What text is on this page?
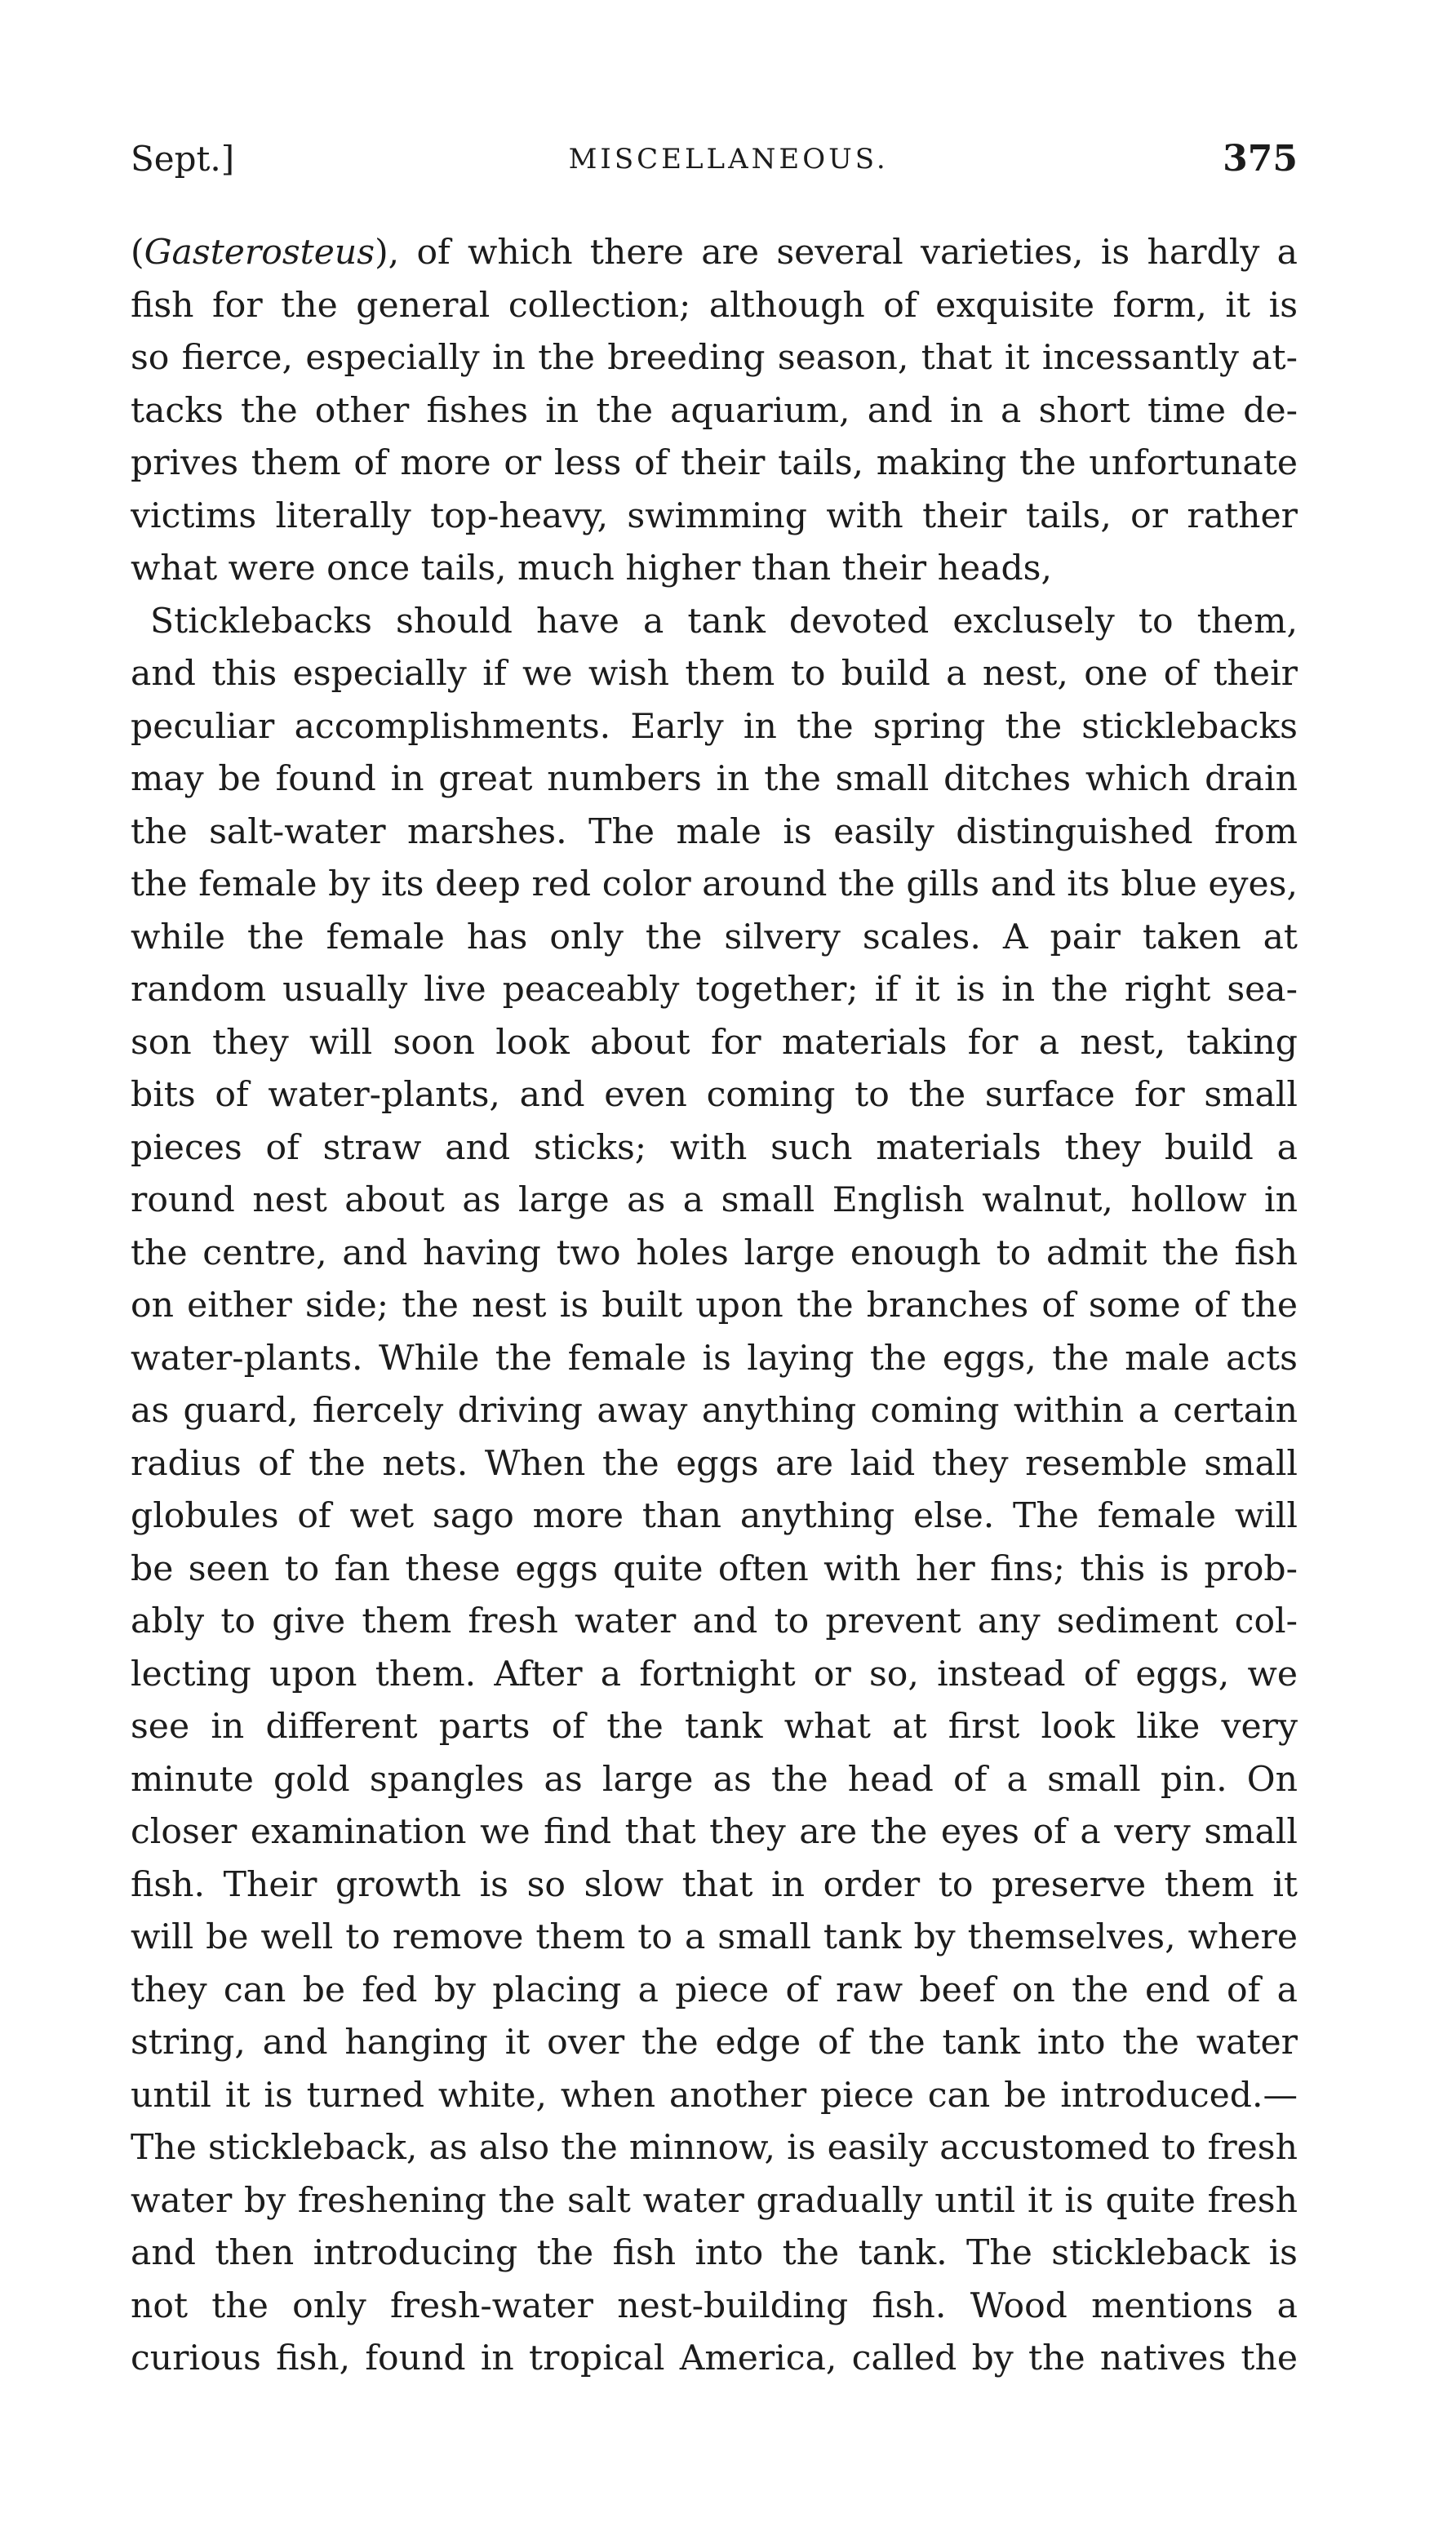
Sept.]	MISCELLANEOUS.	375
(Gasterosteus), of which there are several varieties, is hardly a
fish for the general collection; although of exquisite form, it is
so fierce, especially in the breeding season, that it incessantly at-
tacks the other fishes in the aquarium, and in a short time de-
prives them of more or less of their tails, making the unfortunate
victims literally top-heavy, swimming with their tails, or rather
what were once tails, much higher than their heads,
Sticklebacks should have a tank devoted exclusely to them,
and this especially if we wish them to build a nest, one of their
peculiar accomplishments. Early in the spring the sticklebacks
may be found in great numbers in the small ditches which drain
the salt-water marshes. The male is easily distinguished from
the female by its deep red color around the gills and its blue eyes,
while the female has only the silvery scales. A pair taken at
random usually live peaceably together; if it is in the right sea-
son they will soon look about for materials for a nest, taking
bits of water-plants, and even coming to the surface for small
pieces of straw and sticks; with such materials they build a
round nest about as large as a small English walnut, hollow in
the centre, and having two holes large enough to admit the fish
on either side; the nest is built upon the branches of some of the
water-plants. While the female is laying the eggs, the male acts
as guard, fiercely driving away anything coming within a certain
radius of the nets. When the eggs are laid they resemble small
globules of wet sago more than anything else. The female will
be seen to fan these eggs quite often with her fins; this is prob-
ably to give them fresh water and to prevent any sediment col-
lecting upon them. After a fortnight or so, instead of eggs, we
see in different parts of the tank what at first look like very
minute gold spangles as large as the head of a small pin. On
closer examination we find that they are the eyes of a very small
fish. Their growth is so slow that in order to preserve them it
will be well to remove them to a small tank by themselves, where
they can be fed by placing a piece of raw beef on the end of a
string, and hanging it over the edge of the tank into the water
until it is turned white, when another piece can be introduced.—
The stickleback, as also the minnow, is easily accustomed to fresh
water by freshening the salt water gradually until it is quite fresh
and then introducing the fish into the tank. The stickleback is
not the only fresh-water nest-building fish. Wood mentions a
curious fish, found in tropical America, called by the natives the
